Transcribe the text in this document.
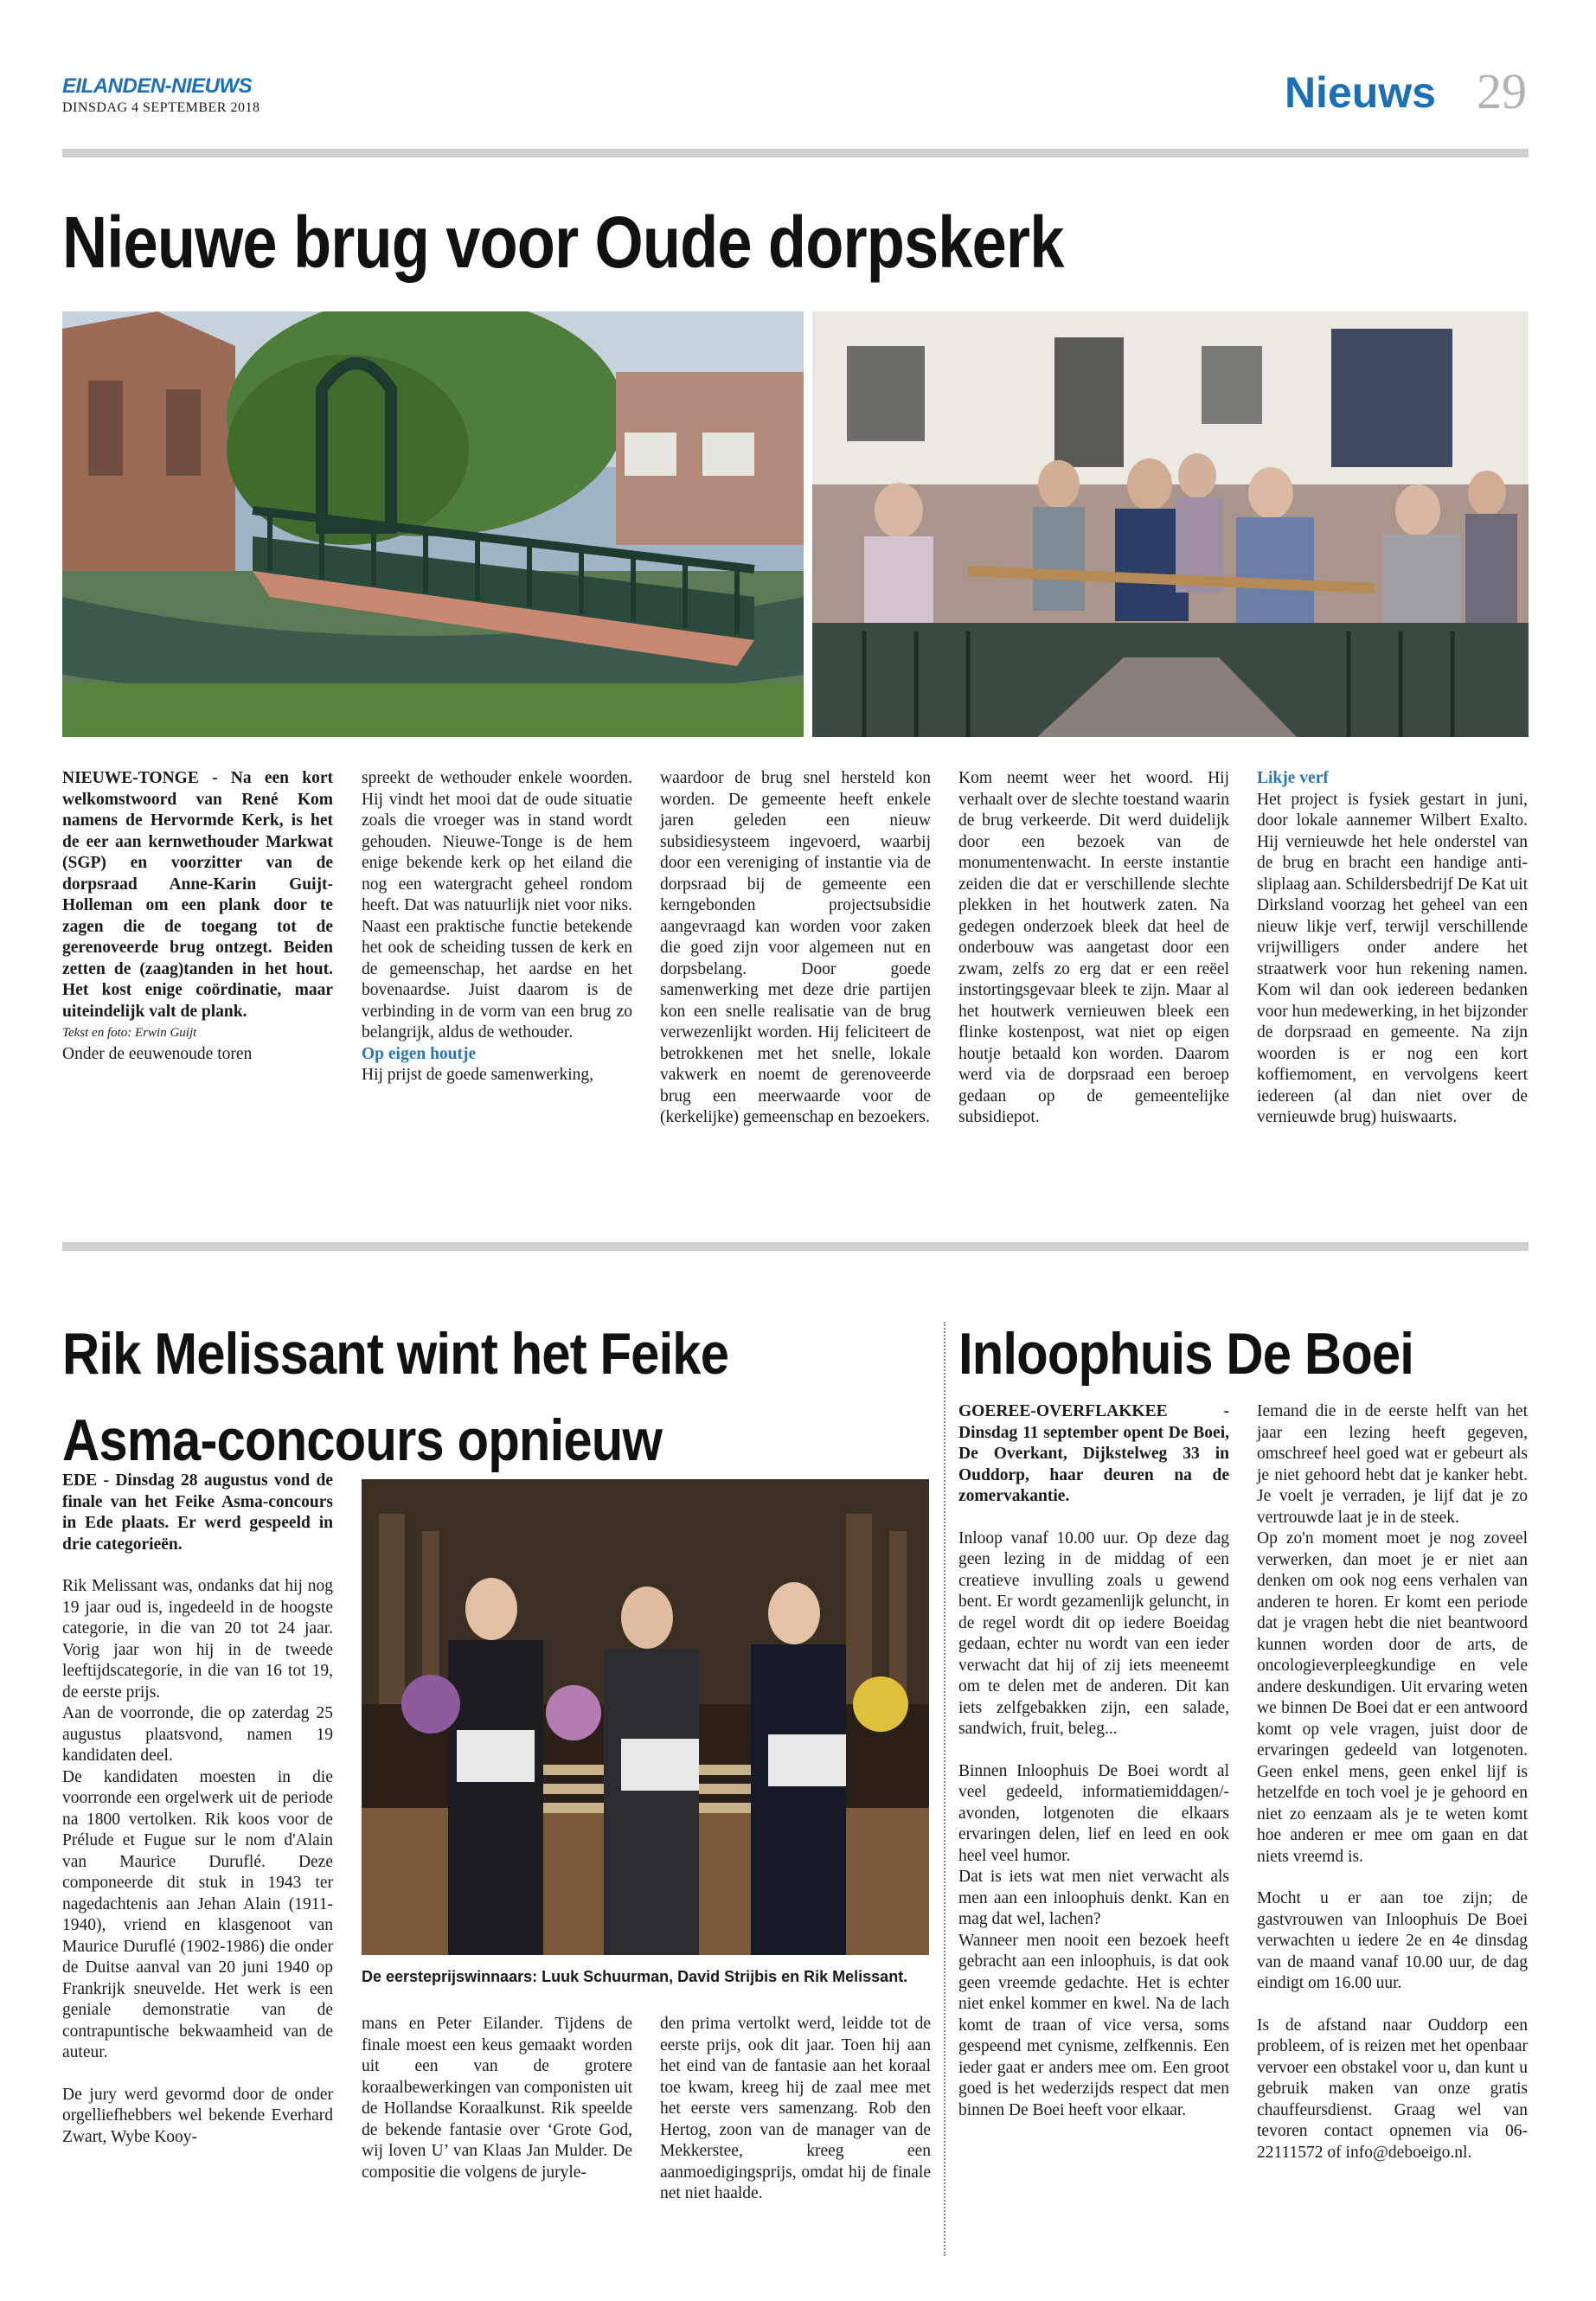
EILANDEN-NIEUWS
DINSDAG 4 SEPTEMBER 2018	Nieuws 29
Nieuwe brug voor Oude dorpskerk

NIEUWE-TONGE - Na een kort welkomstwoord van René Kom namens de Hervormde Kerk, is het de eer aan kernwethouder Markwat (SGP) en voorzitter van de dorpsraad Anne-Karin Guijt-Holleman om een plank door te zagen die de toegang tot de gerenoveerde brug ontzegt. Beiden zetten de (zaag)tanden in het hout. Het kost enige coördinatie, maar uiteindelijk valt de plank.

Tekst en foto: Erwin Guijt

Onder de eeuwenoude toren

spreekt de wethouder enkele woorden. Hij vindt het mooi dat de oude situatie zoals die vroeger was in stand wordt gehouden. Nieuwe-Tonge is de hem enige bekende kerk op het eiland die nog een watergracht geheel rondom heeft. Dat was natuurlijk niet voor niks. Naast een praktische functie betekende het ook de scheiding tussen de kerk en de gemeenschap, het aardse en het bovenaardse. Juist daarom is de verbinding in de vorm van een brug zo belangrijk, aldus de wethouder.

Op eigen houtje

Hij prijst de goede samenwerking,

waardoor de brug snel hersteld kon worden. De gemeente heeft enkele jaren geleden een nieuw subsidiesysteem ingevoerd, waarbij door een vereniging of instantie via de dorpsraad bij de gemeente een kerngebonden projectsubsidie aangevraagd kan worden voor zaken die goed zijn voor algemeen nut en dorpsbelang. Door goede samenwerking met deze drie partijen kon een snelle realisatie van de brug verwezenlijkt worden. Hij feliciteert de betrokkenen met het snelle, lokale vakwerk en noemt de gerenoveerde brug een meerwaarde voor de (kerkelijke) gemeenschap en bezoekers.

Kom neemt weer het woord. Hij verhaalt over de slechte toestand waarin de brug verkeerde. Dit werd duidelijk door een bezoek van de monumentenwacht. In eerste instantie zeiden die dat er verschillende slechte plekken in het houtwerk zaten. Na gedegen onderzoek bleek dat heel de onderbouw was aangetast door een zwam, zelfs zo erg dat er een reëel instortingsgevaar bleek te zijn. Maar al het houtwerk vernieuwen bleek een flinke kostenpost, wat niet op eigen houtje betaald kon worden. Daarom werd via de dorpsraad een beroep gedaan op de gemeentelijke subsidiepot.

Likje verf

Het project is fysiek gestart in juni, door lokale aannemer Wilbert Exalto. Hij vernieuwde het hele onderstel van de brug en bracht een handige anti-sliplaag aan. Schildersbedrijf De Kat uit Dirksland voorzag het geheel van een nieuw likje verf, terwijl verschillende vrijwilligers onder andere het straatwerk voor hun rekening namen. Kom wil dan ook iedereen bedanken voor hun medewerking, in het bijzonder de dorpsraad en gemeente. Na zijn woorden is er nog een kort koffiemoment, en vervolgens keert iedereen (al dan niet over de vernieuwde brug) huiswaarts.

Rik Melissant wint het Feike
Asma-concours opnieuw

EDE - Dinsdag 28 augustus vond de finale van het Feike Asma-concours in Ede plaats. Er werd gespeeld in drie categorieën.

Rik Melissant was, ondanks dat hij nog 19 jaar oud is, ingedeeld in de hoogste categorie, in die van 20 tot 24 jaar. Vorig jaar won hij in de tweede leeftijdscategorie, in die van 16 tot 19, de eerste prijs.

Aan de voorronde, die op zaterdag 25 augustus plaatsvond, namen 19 kandidaten deel.

De kandidaten moesten in die voorronde een orgelwerk uit de periode na 1800 vertolken. Rik koos voor de Prélude et Fugue sur le nom d'Alain van Maurice Duruflé. Deze componeerde dit stuk in 1943 ter nagedachtenis aan Jehan Alain (1911-1940), vriend en klasgenoot van Maurice Duruflé (1902-1986) die onder de Duitse aanval van 20 juni 1940 op Frankrijk sneuvelde. Het werk is een geniale demonstratie van de contrapuntische bekwaamheid van de auteur.

De jury werd gevormd door de onder orgelliefhebbers wel bekende Everhard Zwart, Wybe Kooy-

De eersteprijswinnaars: Luuk Schuurman, David Strijbis en Rik Melissant.

mans en Peter Eilander. Tijdens de finale moest een keus gemaakt worden uit een van de grotere koraalbewerkingen van componisten uit de Hollandse Koraalkunst. Rik speelde de bekende fantasie over ‘Grote God, wij loven U’ van Klaas Jan Mulder. De compositie die volgens de juryle-

den prima vertolkt werd, leidde tot de eerste prijs, ook dit jaar. Toen hij aan het eind van de fantasie aan het koraal toe kwam, kreeg hij de zaal mee met het eerste vers samenzang. Rob den Hertog, zoon van de manager van de Mekkerstee, kreeg een aanmoedigingsprijs, omdat hij de finale net niet haalde.

Inloophuis De Boei

GOEREE-OVERFLAKKEE - Dinsdag 11 september opent De Boei, De Overkant, Dijkstelweg 33 in Ouddorp, haar deuren na de zomervakantie.

Inloop vanaf 10.00 uur. Op deze dag geen lezing in de middag of een creatieve invulling zoals u gewend bent. Er wordt gezamenlijk geluncht, in de regel wordt dit op iedere Boeidag gedaan, echter nu wordt van een ieder verwacht dat hij of zij iets meeneemt om te delen met de anderen. Dit kan iets zelfgebakken zijn, een salade, sandwich, fruit, beleg...

Binnen Inloophuis De Boei wordt al veel gedeeld, informatiemiddagen/-avonden, lotgenoten die elkaars ervaringen delen, lief en leed en ook heel veel humor.

Dat is iets wat men niet verwacht als men aan een inloophuis denkt. Kan en mag dat wel, lachen?

Wanneer men nooit een bezoek heeft gebracht aan een inloophuis, is dat ook geen vreemde gedachte. Het is echter niet enkel kommer en kwel. Na de lach komt de traan of vice versa, soms gespeend met cynisme, zelfkennis. Een ieder gaat er anders mee om. Een groot goed is het wederzijds respect dat men binnen De Boei heeft voor elkaar.

Iemand die in de eerste helft van het jaar een lezing heeft gegeven, omschreef heel goed wat er gebeurt als je niet gehoord hebt dat je kanker hebt. Je voelt je verraden, je lijf dat je zo vertrouwde laat je in de steek.

Op zo'n moment moet je nog zoveel verwerken, dan moet je er niet aan denken om ook nog eens verhalen van anderen te horen. Er komt een periode dat je vragen hebt die niet beantwoord kunnen worden door de arts, de oncologieverpleegkundige en vele andere deskundigen. Uit ervaring weten we binnen De Boei dat er een antwoord komt op vele vragen, juist door de ervaringen gedeeld van lotgenoten. Geen enkel mens, geen enkel lijf is hetzelfde en toch voel je je gehoord en niet zo eenzaam als je te weten komt hoe anderen er mee om gaan en dat niets vreemd is.

Mocht u er aan toe zijn; de gastvrouwen van Inloophuis De Boei verwachten u iedere 2e en 4e dinsdag van de maand vanaf 10.00 uur, de dag eindigt om 16.00 uur.

Is de afstand naar Ouddorp een probleem, of is reizen met het openbaar vervoer een obstakel voor u, dan kunt u gebruik maken van onze gratis chauffeursdienst. Graag wel van tevoren contact opnemen via 06-22111572 of info@deboeigo.nl.
